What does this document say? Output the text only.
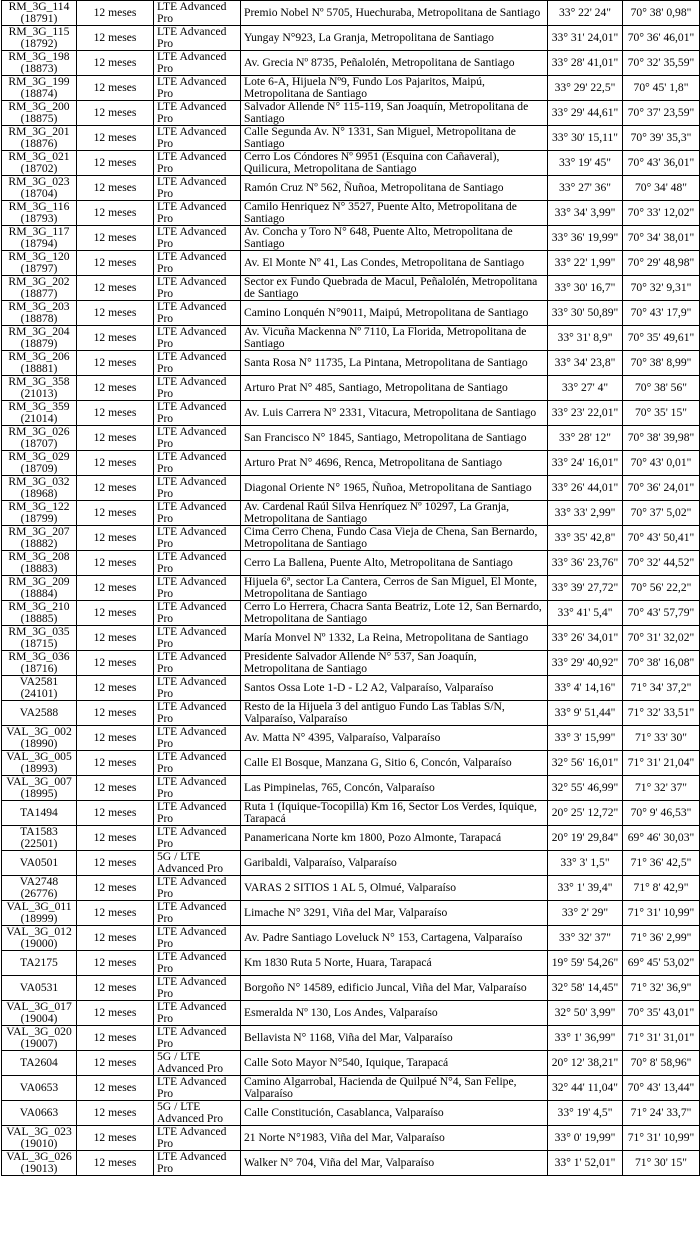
RM_3G_114 (18791)	12 meses	LTE Advanced Pro	Premio Nobel Nº 5705, Huechuraba, Metropolitana de Santiago	33° 22' 24"	70° 38' 0,98"
RM_3G_115 (18792)	12 meses	LTE Advanced Pro	Yungay N°923, La Granja, Metropolitana de Santiago	33° 31' 24,01"	70° 36' 46,01"
RM_3G_198 (18873)	12 meses	LTE Advanced Pro	Av. Grecia Nº 8735, Peñalolén, Metropolitana de Santiago	33° 28' 41,01"	70° 32' 35,59"
RM_3G_199 (18874)	12 meses	LTE Advanced Pro	Lote 6-A, Hijuela Nº9, Fundo Los Pajaritos, Maipú, Metropolitana de Santiago	33° 29' 22,5"	70° 45' 1,8"
RM_3G_200 (18875)	12 meses	LTE Advanced Pro	Salvador Allende N° 115-119, San Joaquín, Metropolitana de Santiago	33° 29' 44,61"	70° 37' 23,59"
RM_3G_201 (18876)	12 meses	LTE Advanced Pro	Calle Segunda Av. N° 1331, San Miguel, Metropolitana de Santiago	33° 30' 15,11"	70° 39' 35,3"
RM_3G_021 (18702)	12 meses	LTE Advanced Pro	Cerro Los Cóndores Nº 9951 (Esquina con Cañaveral), Quilicura, Metropolitana de Santiago	33° 19' 45"	70° 43' 36,01"
RM_3G_023 (18704)	12 meses	LTE Advanced Pro	Ramón Cruz Nº 562, Ñuñoa, Metropolitana de Santiago	33° 27' 36"	70° 34' 48"
RM_3G_116 (18793)	12 meses	LTE Advanced Pro	Camilo Henriquez N° 3527, Puente Alto, Metropolitana de Santiago	33° 34' 3,99"	70° 33' 12,02"
RM_3G_117 (18794)	12 meses	LTE Advanced Pro	Av. Concha y Toro N° 648, Puente Alto, Metropolitana de Santiago	33° 36' 19,99"	70° 34' 38,01"
RM_3G_120 (18797)	12 meses	LTE Advanced Pro	Av. El Monte Nº 41, Las Condes, Metropolitana de Santiago	33° 22' 1,99"	70° 29' 48,98"
RM_3G_202 (18877)	12 meses	LTE Advanced Pro	Sector ex Fundo Quebrada de Macul, Peñalolén, Metropolitana de Santiago	33° 30' 16,7"	70° 32' 9,31"
RM_3G_203 (18878)	12 meses	LTE Advanced Pro	Camino Lonquén N°9011, Maipú, Metropolitana de Santiago	33° 30' 50,89"	70° 43' 17,9"
RM_3G_204 (18879)	12 meses	LTE Advanced Pro	Av. Vicuña Mackenna Nº 7110, La Florida, Metropolitana de Santiago	33° 31' 8,9"	70° 35' 49,61"
RM_3G_206 (18881)	12 meses	LTE Advanced Pro	Santa Rosa N° 11735, La Pintana, Metropolitana de Santiago	33° 34' 23,8"	70° 38' 8,99"
RM_3G_358 (21013)	12 meses	LTE Advanced Pro	Arturo Prat N° 485, Santiago, Metropolitana de Santiago	33° 27' 4"	70° 38' 56"
RM_3G_359 (21014)	12 meses	LTE Advanced Pro	Av. Luis Carrera N° 2331, Vitacura, Metropolitana de Santiago	33° 23' 22,01"	70° 35' 15"
RM_3G_026 (18707)	12 meses	LTE Advanced Pro	San Francisco N° 1845, Santiago, Metropolitana de Santiago	33° 28' 12"	70° 38' 39,98"
RM_3G_029 (18709)	12 meses	LTE Advanced Pro	Arturo Prat N° 4696, Renca, Metropolitana de Santiago	33° 24' 16,01"	70° 43' 0,01"
RM_3G_032 (18968)	12 meses	LTE Advanced Pro	Diagonal Oriente N° 1965, Ñuñoa, Metropolitana de Santiago	33° 26' 44,01"	70° 36' 24,01"
RM_3G_122 (18799)	12 meses	LTE Advanced Pro	Av. Cardenal Raúl Silva Henríquez Nº 10297, La Granja, Metropolitana de Santiago	33° 33' 2,99"	70° 37' 5,02"
RM_3G_207 (18882)	12 meses	LTE Advanced Pro	Cima Cerro Chena, Fundo Casa Vieja de Chena, San Bernardo, Metropolitana de Santiago	33° 35' 42,8"	70° 43' 50,41"
RM_3G_208 (18883)	12 meses	LTE Advanced Pro	Cerro La Ballena, Puente Alto, Metropolitana de Santiago	33° 36' 23,76"	70° 32' 44,52"
RM_3G_209 (18884)	12 meses	LTE Advanced Pro	Hijuela 6ª, sector La Cantera, Cerros de San Miguel, El Monte, Metropolitana de Santiago	33° 39' 27,72"	70° 56' 22,2"
RM_3G_210 (18885)	12 meses	LTE Advanced Pro	Cerro Lo Herrera, Chacra Santa Beatriz, Lote 12, San Bernardo, Metropolitana de Santiago	33° 41' 5,4"	70° 43' 57,79"
RM_3G_035 (18715)	12 meses	LTE Advanced Pro	María Monvel Nº 1332, La Reina, Metropolitana de Santiago	33° 26' 34,01"	70° 31' 32,02"
RM_3G_036 (18716)	12 meses	LTE Advanced Pro	Presidente Salvador Allende N° 537, San Joaquín, Metropolitana de Santiago	33° 29' 40,92"	70° 38' 16,08"
VA2581 (24101)	12 meses	LTE Advanced Pro	Santos Ossa Lote 1-D - L2 A2, Valparaíso, Valparaíso	33° 4' 14,16"	71° 34' 37,2"
VA2588	12 meses	LTE Advanced Pro	Resto de la Hijuela 3 del antiguo Fundo Las Tablas S/N, Valparaíso, Valparaíso	33° 9' 51,44"	71° 32' 33,51"
VAL_3G_002 (18990)	12 meses	LTE Advanced Pro	Av. Matta N° 4395, Valparaíso, Valparaíso	33° 3' 15,99"	71° 33' 30"
VAL_3G_005 (18993)	12 meses	LTE Advanced Pro	Calle El Bosque, Manzana G, Sitio 6, Concón, Valparaíso	32° 56' 16,01"	71° 31' 21,04"
VAL_3G_007 (18995)	12 meses	LTE Advanced Pro	Las Pimpinelas, 765, Concón, Valparaíso	32° 55' 46,99"	71° 32' 37"
TA1494	12 meses	LTE Advanced Pro	Ruta 1 (Iquique-Tocopilla) Km 16, Sector Los Verdes, Iquique, Tarapacá	20° 25' 12,72"	70° 9' 46,53"
TA1583 (22501)	12 meses	LTE Advanced Pro	Panamericana Norte km 1800, Pozo Almonte, Tarapacá	20° 19' 29,84"	69° 46' 30,03"
VA0501	12 meses	5G / LTE Advanced Pro	Garibaldi, Valparaíso, Valparaíso	33° 3' 1,5"	71° 36' 42,5"
VA2748 (26776)	12 meses	LTE Advanced Pro	VARAS 2 SITIOS 1 AL 5, Olmué, Valparaíso	33° 1' 39,4"	71° 8' 42,9"
VAL_3G_011 (18999)	12 meses	LTE Advanced Pro	Limache N° 3291, Viña del Mar, Valparaíso	33° 2' 29"	71° 31' 10,99"
VAL_3G_012 (19000)	12 meses	LTE Advanced Pro	Av. Padre Santiago Loveluck N° 153, Cartagena, Valparaíso	33° 32' 37"	71° 36' 2,99"
TA2175	12 meses	LTE Advanced Pro	Km 1830 Ruta 5 Norte, Huara, Tarapacá	19° 59' 54,26"	69° 45' 53,02"
VA0531	12 meses	LTE Advanced Pro	Borgoño N° 14589, edificio Juncal, Viña del Mar, Valparaíso	32° 58' 14,45"	71° 32' 36,9"
VAL_3G_017 (19004)	12 meses	LTE Advanced Pro	Esmeralda Nº 130, Los Andes, Valparaíso	32° 50' 3,99"	70° 35' 43,01"
VAL_3G_020 (19007)	12 meses	LTE Advanced Pro	Bellavista N° 1168, Viña del Mar, Valparaíso	33° 1' 36,99"	71° 31' 31,01"
TA2604	12 meses	5G / LTE Advanced Pro	Calle Soto Mayor N°540, Iquique, Tarapacá	20° 12' 38,21"	70° 8' 58,96"
VA0653	12 meses	LTE Advanced Pro	Camino Algarrobal, Hacienda de Quilpué N°4, San Felipe, Valparaíso	32° 44' 11,04"	70° 43' 13,44"
VA0663	12 meses	5G / LTE Advanced Pro	Calle Constitución, Casablanca, Valparaíso	33° 19' 4,5"	71° 24' 33,7"
VAL_3G_023 (19010)	12 meses	LTE Advanced Pro	21 Norte N°1983, Viña del Mar, Valparaíso	33° 0' 19,99"	71° 31' 10,99"
VAL_3G_026 (19013)	12 meses	LTE Advanced Pro	Walker N° 704, Viña del Mar, Valparaíso	33° 1' 52,01"	71° 30' 15"
